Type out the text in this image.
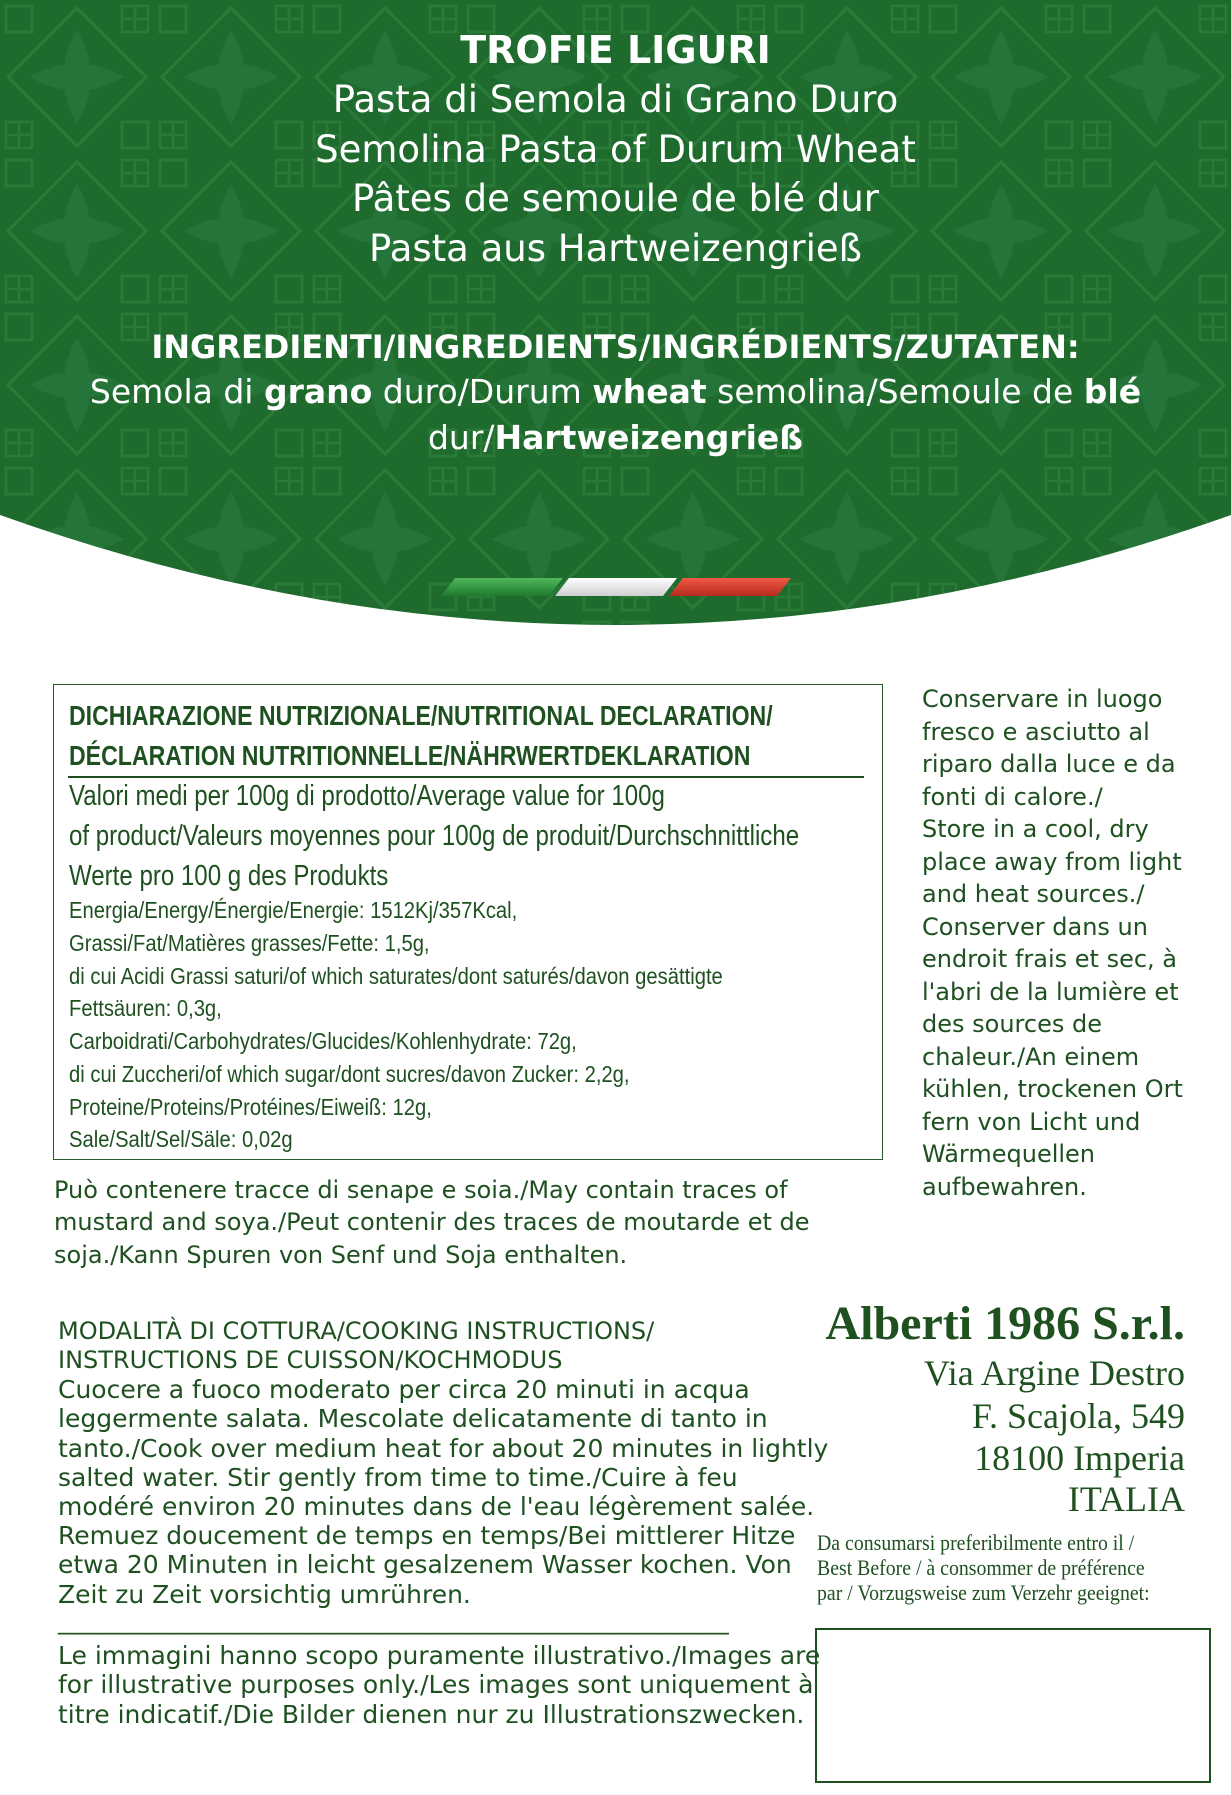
TROFIE LIGURI
Pasta di Semola di Grano Duro
Semolina Pasta of Durum Wheat
Pâtes de semoule de blé dur
Pasta aus Hartweizengrieß
INGREDIENTI/INGREDIENTS/INGRÉDIENTS/ZUTATEN:
Semola di grano duro/Durum wheat semolina/Semoule de blé
dur/Hartweizengrieß
DICHIARAZIONE NUTRIZIONALE/NUTRITIONAL DECLARATION/
DÉCLARATION NUTRITIONNELLE/NÄHRWERTDEKLARATION
Valori medi per 100g di prodotto/Average value for 100g
of product/Valeurs moyennes pour 100g de produit/Durchschnittliche
Werte pro 100 g des Produkts
Energia/Energy/Énergie/Energie: 1512Kj/357Kcal,
Grassi/Fat/Matières grasses/Fette: 1,5g,
di cui Acidi Grassi saturi/of which saturates/dont saturés/davon gesättigte
Fettsäuren: 0,3g,
Carboidrati/Carbohydrates/Glucides/Kohlenhydrate: 72g,
di cui Zuccheri/of which sugar/dont sucres/davon Zucker: 2,2g,
Proteine/Proteins/Protéines/Eiweiß: 12g,
Sale/Salt/Sel/Säle: 0,02g
Conservare in luogo
fresco e asciutto al
riparo dalla luce e da
fonti di calore./
Store in a cool, dry
place away from light
and heat sources./
Conserver dans un
endroit frais et sec, à
l'abri de la lumière et
des sources de
chaleur./An einem
kühlen, trockenen Ort
fern von Licht und
Wärmequellen
aufbewahren.
Può contenere tracce di senape e soia./May contain traces of
mustard and soya./Peut contenir des traces de moutarde et de
soja./Kann Spuren von Senf und Soja enthalten.
MODALITÀ DI COTTURA/COOKING INSTRUCTIONS/
INSTRUCTIONS DE CUISSON/KOCHMODUS
Cuocere a fuoco moderato per circa 20 minuti in acqua
leggermente salata. Mescolate delicatamente di tanto in
tanto./Cook over medium heat for about 20 minutes in lightly
salted water. Stir gently from time to time./Cuire à feu
modéré environ 20 minutes dans de l'eau légèrement salée.
Remuez doucement de temps en temps/Bei mittlerer Hitze
etwa 20 Minuten in leicht gesalzenem Wasser kochen. Von
Zeit zu Zeit vorsichtig umrühren.
_______________________________________________________
Le immagini hanno scopo puramente illustrativo./Images are
for illustrative purposes only./Les images sont uniquement à
titre indicatif./Die Bilder dienen nur zu Illustrationszwecken.
Alberti 1986 S.r.l.
Via Argine Destro
F. Scajola, 549
18100 Imperia
ITALIA
Da consumarsi preferibilmente entro il /
Best Before / à consommer de préférence
par / Vorzugsweise zum Verzehr geeignet:
